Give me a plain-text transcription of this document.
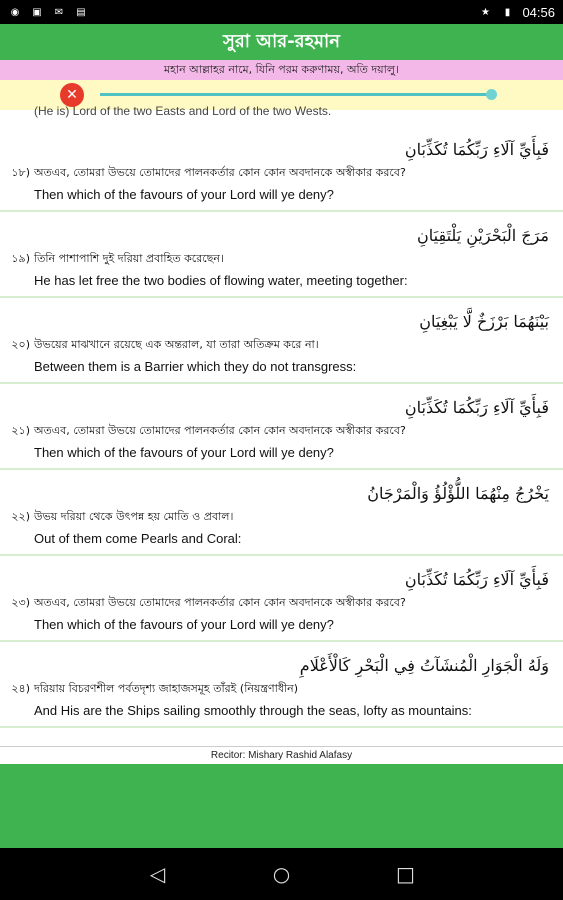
◉ ▣ ✉ ▤	★	▮ 04:56
সুরা আর-রহমান
মহান আল্লাহর নামে, যিনি পরম করুণাময়, অতি দয়ালু।
✕
(He is) Lord of the two Easts and Lord of the two Wests.
فَبِأَيِّ آلَاءِ رَبِّكُمَا تُكَذِّبَانِ
১৮) অতএব, তোমরা উভয়ে তোমাদের পালনকর্তার কোন কোন অবদানকে অস্বীকার করবে?
Then which of the favours of your Lord will ye deny?
مَرَجَ الْبَحْرَيْنِ يَلْتَقِيَانِ
১৯) তিনি পাশাপাশি দুই দরিয়া প্রবাহিত করেছেন।
He has let free the two bodies of flowing water, meeting together:
بَيْنَهُمَا بَرْزَخٌ لَّا يَبْغِيَانِ
২০) উভয়ের মাঝখানে রয়েছে এক অন্তরাল, যা তারা অতিক্রম করে না।
Between them is a Barrier which they do not transgress:
فَبِأَيِّ آلَاءِ رَبِّكُمَا تُكَذِّبَانِ
২১) অতএব, তোমরা উভয়ে তোমাদের পালনকর্তার কোন কোন অবদানকে অস্বীকার করবে?
Then which of the favours of your Lord will ye deny?
يَخْرُجُ مِنْهُمَا اللُّؤْلُؤُ وَالْمَرْجَانُ
২২) উভয় দরিয়া থেকে উৎপন্ন হয় মোতি ও প্রবাল।
Out of them come Pearls and Coral:
فَبِأَيِّ آلَاءِ رَبِّكُمَا تُكَذِّبَانِ
২৩) অতএব, তোমরা উভয়ে তোমাদের পালনকর্তার কোন কোন অবদানকে অস্বীকার করবে?
Then which of the favours of your Lord will ye deny?
وَلَهُ الْجَوَارِ الْمُنشَآتُ فِي الْبَحْرِ كَالْأَعْلَامِ
২৪) দরিয়ায় বিচরণশীল পর্বতদৃশ্য জাহাজসমূহ তাঁরই (নিয়ন্ত্রণাধীন)
And His are the Ships sailing smoothly through the seas, lofty as mountains:
Recitor: Mishary Rashid Alafasy
◁	○	□
